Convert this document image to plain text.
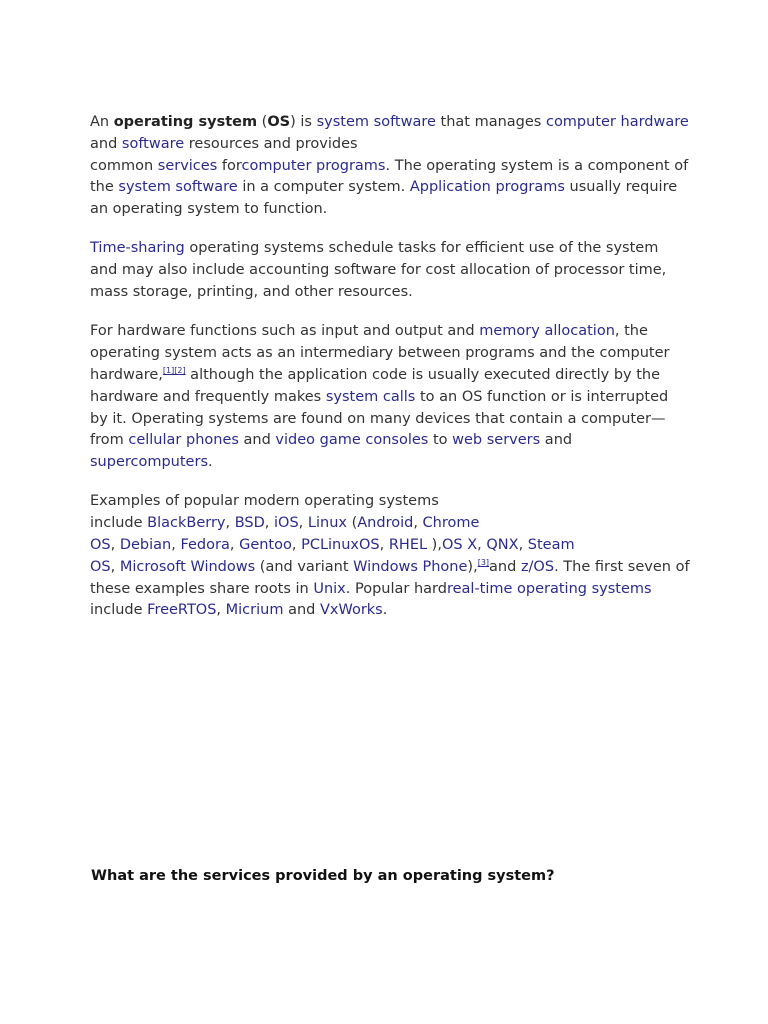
An operating system (OS) is system software that manages computer hardware and software resources and provides
common services forcomputer programs. The operating system is a component of the system software in a computer system. Application programs usually require an operating system to function.

Time-sharing operating systems schedule tasks for efficient use of the system and may also include accounting software for cost allocation of processor time, mass storage, printing, and other resources.

For hardware functions such as input and output and memory allocation, the operating system acts as an intermediary between programs and the computer hardware,[1][2] although the application code is usually executed directly by the hardware and frequently makes system calls to an OS function or is interrupted by it. Operating systems are found on many devices that contain a computer—from cellular phones and video game consoles to web servers and supercomputers.

Examples of popular modern operating systems
include BlackBerry, BSD, iOS, Linux (Android, Chrome
OS, Debian, Fedora, Gentoo, PCLinuxOS, RHEL ),OS X, QNX, Steam
OS, Microsoft Windows (and variant Windows Phone),[3]and z/OS. The first seven of these examples share roots in Unix. Popular hardreal-time operating systems include FreeRTOS, Micrium and VxWorks.

What are the services provided by an operating system?
